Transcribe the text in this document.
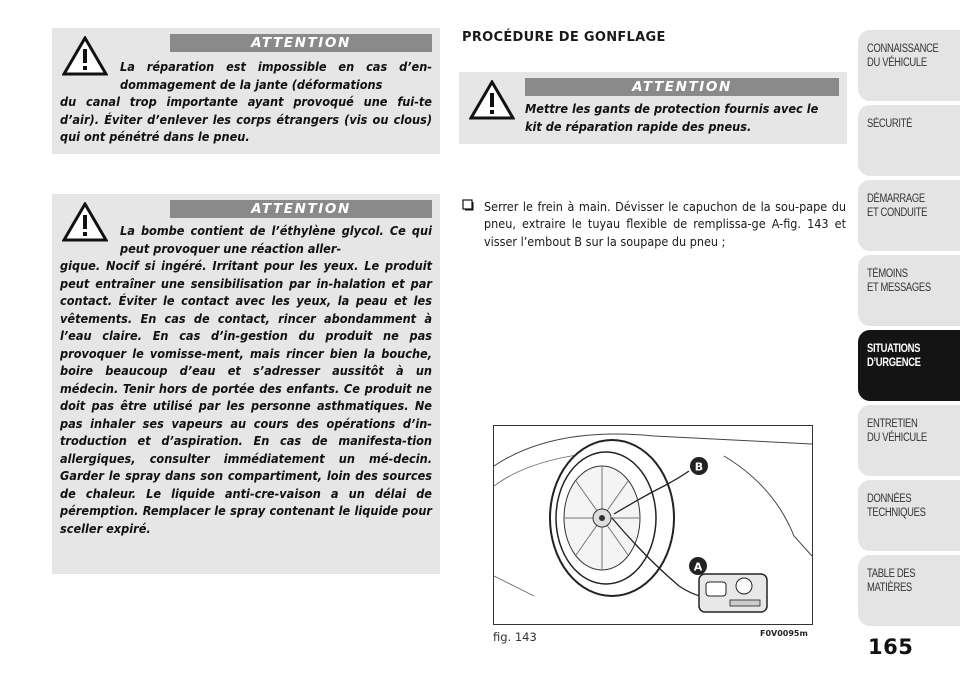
ATTENTION
La réparation est impossible en cas d’en-dommagement de la jante (déformations
du canal trop importante ayant provoqué une fui-te d’air). Éviter d’enlever les corps étrangers (vis ou clous) qui ont pénétré dans le pneu.
ATTENTION
La bombe contient de l’éthylène glycol. Ce qui peut provoquer une réaction aller-
gique. Nocif si ingéré. Irritant pour les yeux. Le produit peut entraîner une sensibilisation par in-halation et par contact. Éviter le contact avec les yeux, la peau et les vêtements. En cas de contact, rincer abondamment à l’eau claire. En cas d’in-gestion du produit ne pas provoquer le vomisse-ment, mais rincer bien la bouche, boire beaucoup d’eau et s’adresser aussitôt à un médecin. Tenir hors de portée des enfants. Ce produit ne doit pas être utilisé par les personne asthmatiques. Ne pas inhaler ses vapeurs au cours des opérations d’in-troduction et d’aspiration. En cas de manifesta-tion allergiques, consulter immédiatement un mé-decin. Garder le spray dans son compartiment, loin des sources de chaleur. Le liquide anti-cre-vaison a un délai de péremption. Remplacer le spray contenant le liquide pour sceller expiré.
PROCÉDURE DE GONFLAGE
ATTENTION
Mettre les gants de protection fournis avec le kit de réparation rapide des pneus.
Serrer le frein à main. Dévisser le capuchon de la sou-pape du pneu, extraire le tuyau flexible de remplissa-ge A-fig. 143 et visser l’embout B sur la soupape du pneu ;
B
A
fig. 143	F0V0095m
165
CONNAISSANCE
DU VÉHICULE
SÉCURITÉ
DÉMARRAGE
ET CONDUITE
TÉMOINS
ET MESSAGES
SITUATIONS
D’URGENCE
ENTRETIEN
DU VÉHICULE
DONNÉES
TECHNIQUES
TABLE DES
MATIÈRES
